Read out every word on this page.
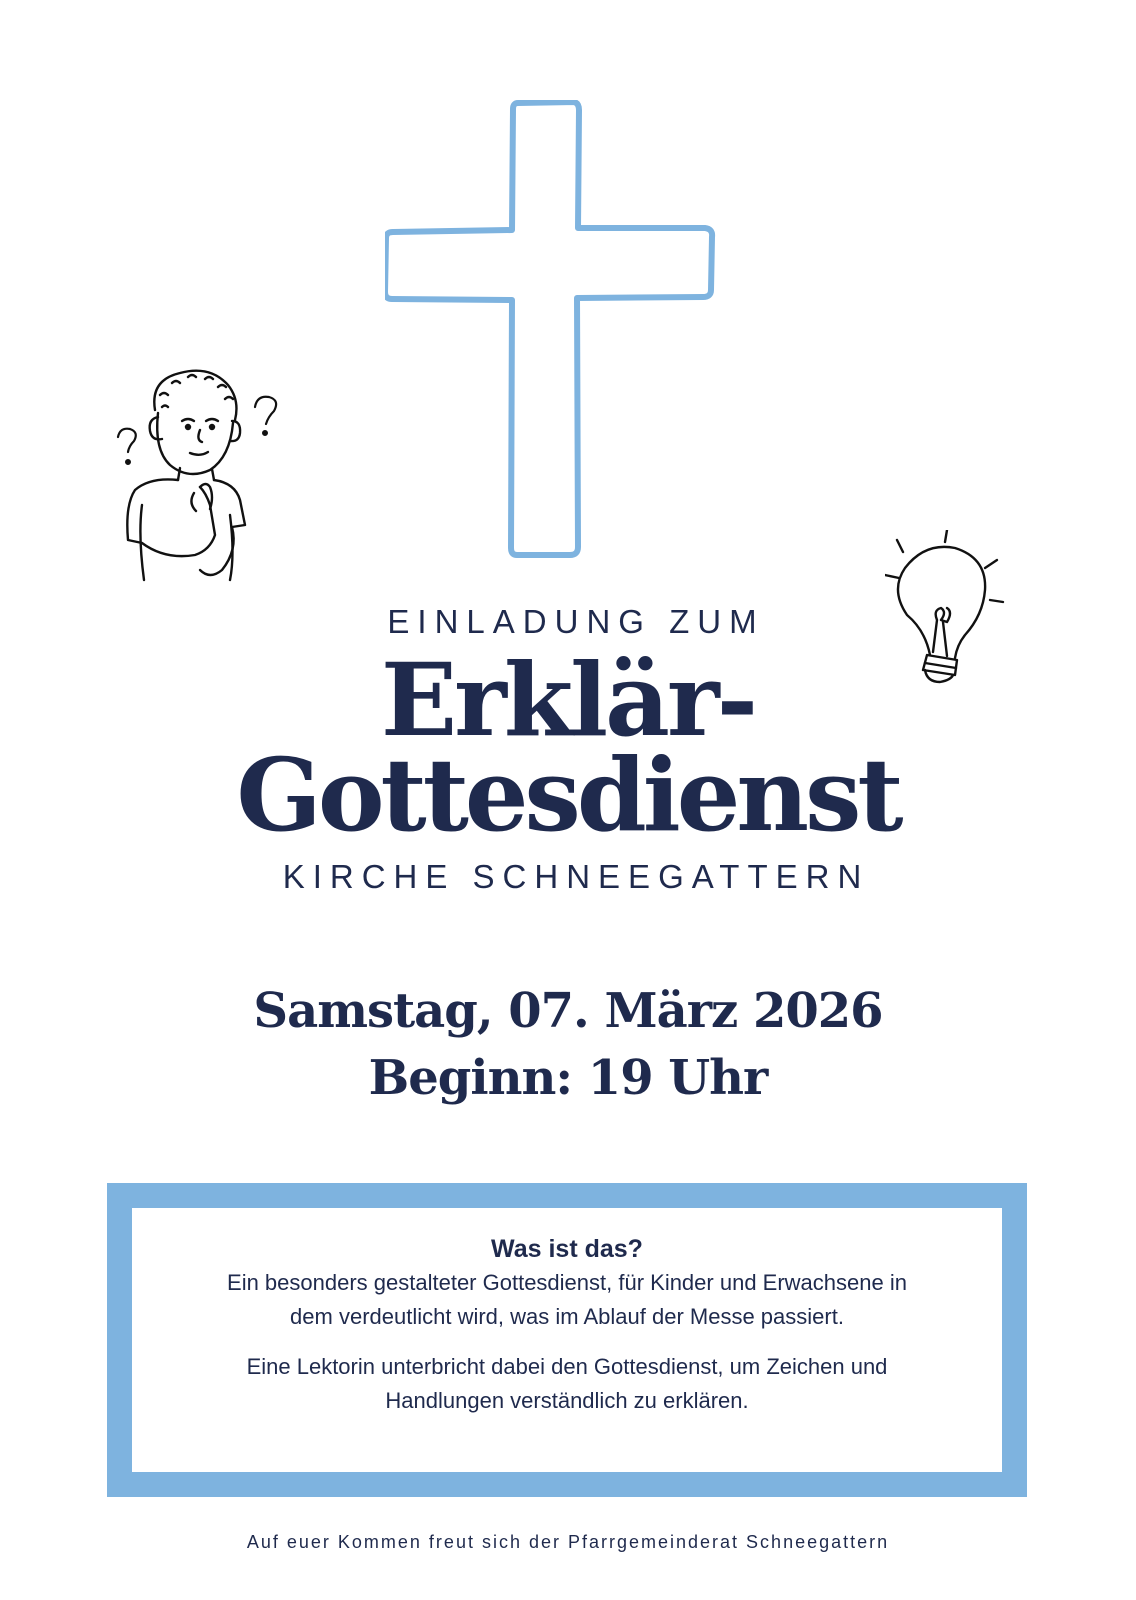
EINLADUNG ZUM

Erklär-

Gottesdienst

KIRCHE SCHNEEGATTERN

Samstag, 07. März 2026

Beginn: 19 Uhr

Was ist das?

Ein besonders gestalteter Gottesdienst, für Kinder und Erwachsene in

dem verdeutlicht wird, was im Ablauf der Messe passiert.

Eine Lektorin unterbricht dabei den Gottesdienst, um Zeichen und

Handlungen verständlich zu erklären.

Auf euer Kommen freut sich der Pfarrgemeinderat Schneegattern
